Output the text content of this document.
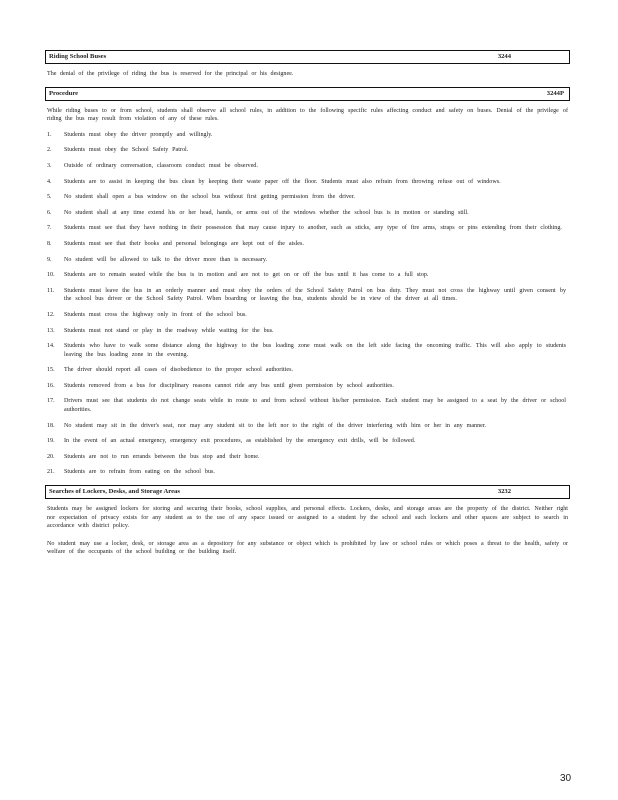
Riding School Buses	3244
The denial of the privilege of riding the bus is reserved for the principal or his designee.
Procedure	3244P
While riding buses to or from school, students shall observe all school rules, in addition to the following specific rules affecting conduct and safety on buses. Denial of the privilege of riding the bus may result from violation of any of these rules.
1. Students must obey the driver promptly and willingly.
2. Students must obey the School Safety Patrol.
3. Outside of ordinary conversation, classroom conduct must be observed.
4. Students are to assist in keeping the bus clean by keeping their waste paper off the floor. Students must also refrain from throwing refuse out of windows.
5. No student shall open a bus window on the school bus without first getting permission from the driver.
6. No student shall at any time extend his or her head, hands, or arms out of the windows whether the school bus is in motion or standing still.
7. Students must see that they have nothing in their possession that may cause injury to another, such as sticks, any type of fire arms, straps or pins extending from their clothing.
8. Students must see that their books and personal belongings are kept out of the aisles.
9. No student will be allowed to talk to the driver more than is necessary.
10. Students are to remain seated while the bus is in motion and are not to get on or off the bus until it has come to a full stop.
11. Students must leave the bus in an orderly manner and must obey the orders of the School Safety Patrol on bus duty. They must not cross the highway until given consent by the school bus driver or the School Safety Patrol. When boarding or leaving the bus, students should be in view of the driver at all times.
12. Students must cross the highway only in front of the school bus.
13. Students must not stand or play in the roadway while waiting for the bus.
14. Students who have to walk some distance along the highway to the bus loading zone must walk on the left side facing the oncoming traffic. This will also apply to students leaving the bus loading zone in the evening.
15. The driver should report all cases of disobedience to the proper school authorities.
16. Students removed from a bus for disciplinary reasons cannot ride any bus until given permission by school authorities.
17. Drivers must see that students do not change seats while in route to and from school without his/her permission. Each student may be assigned to a seat by the driver or school authorities.
18. No student may sit in the driver's seat, nor may any student sit to the left nor to the right of the driver interfering with him or her in any manner.
19. In the event of an actual emergency, emergency exit procedures, as established by the emergency exit drills, will be followed.
20. Students are not to run errands between the bus stop and their home.
21. Students are to refrain from eating on the school bus.
Searches of Lockers, Desks, and Storage Areas	3232
Students may be assigned lockers for storing and securing their books, school supplies, and personal effects. Lockers, desks, and storage areas are the property of the district. Neither right nor expectation of privacy exists for any student as to the use of any space issued or assigned to a student by the school and such lockers and other spaces are subject to search in accordance with district policy.
No student may use a locker, desk, or storage area as a depository for any substance or object which is prohibited by law or school rules or which poses a threat to the health, safety or welfare of the occupants of the school building or the building itself.
30
